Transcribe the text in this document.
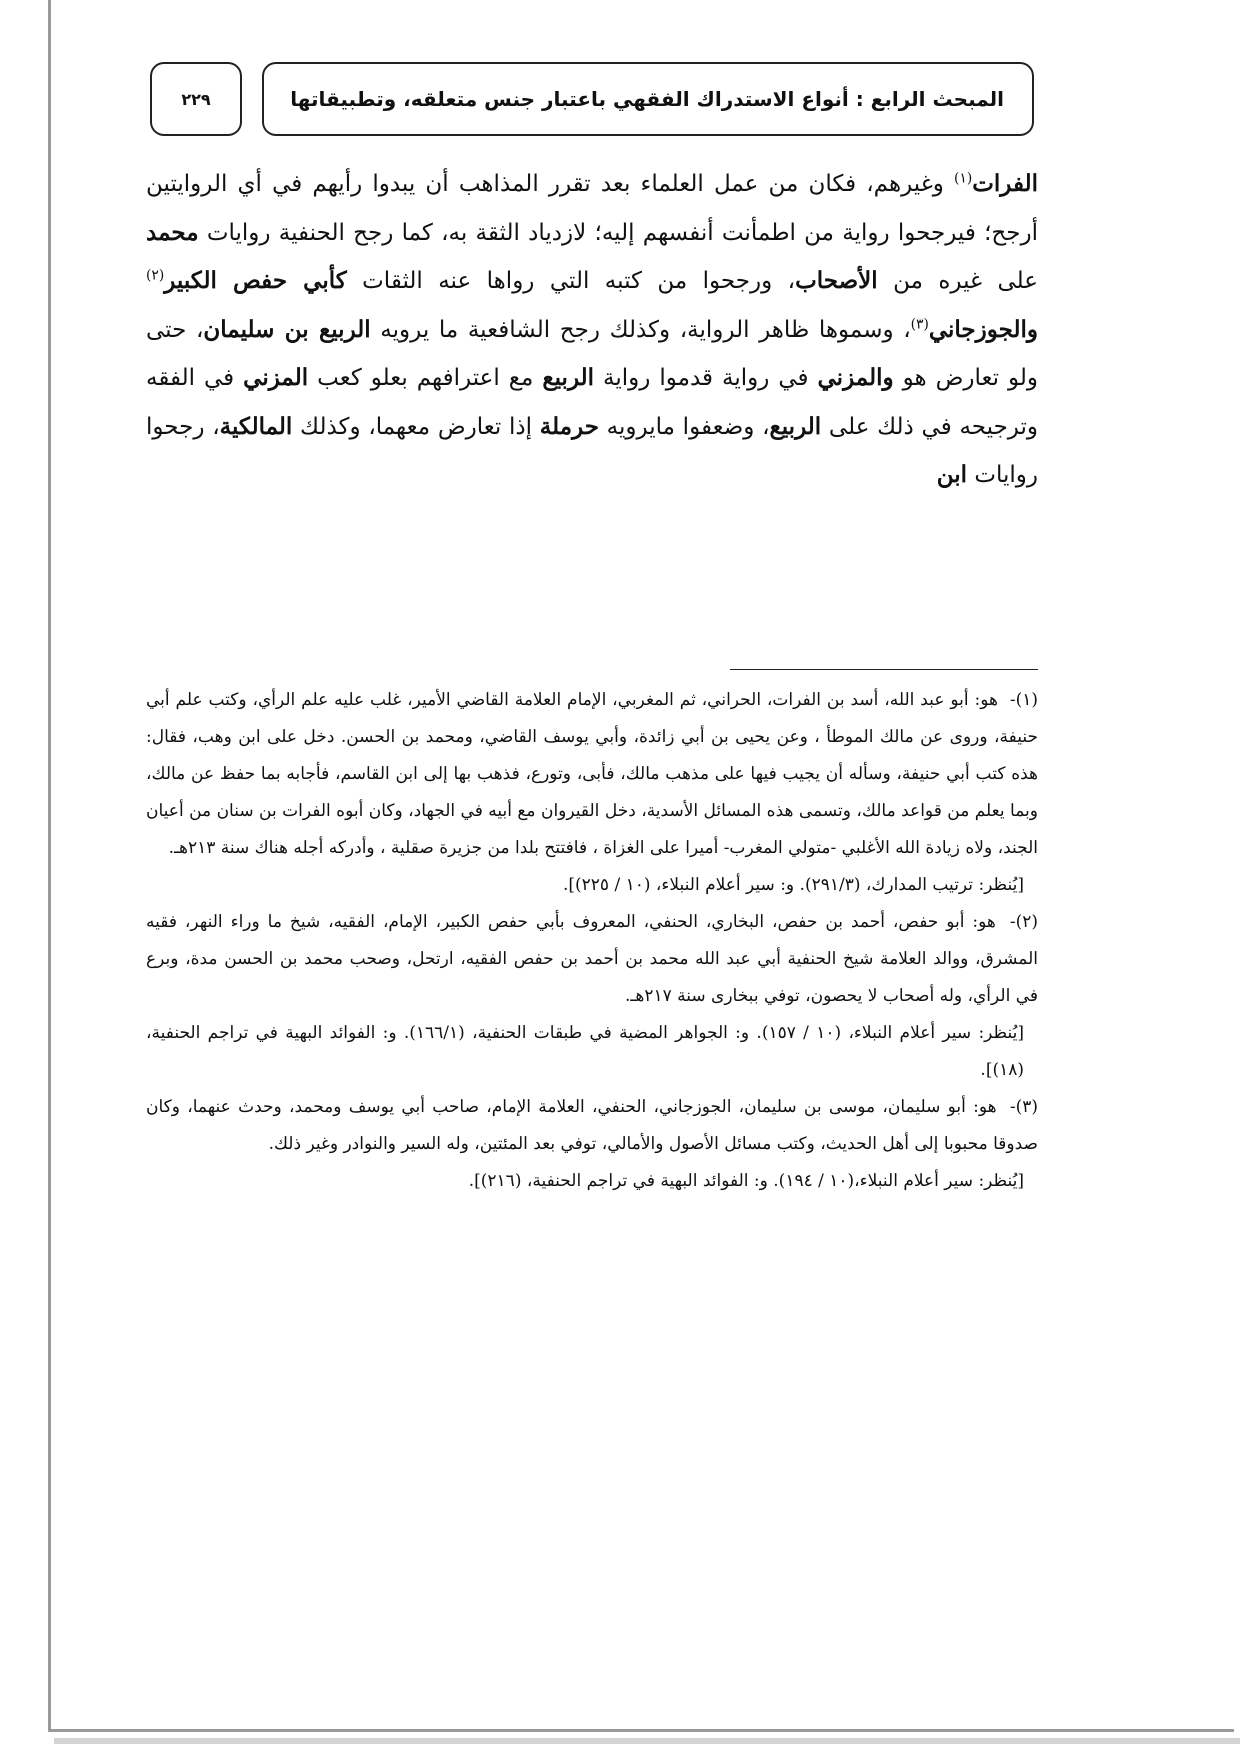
المبحث الرابع : أنواع الاستدراك الفقهي باعتبار جنس متعلقه، وتطبيقاتها
٢٢٩
الفرات$^{(١)}$ وغيرهم، فكان من عمل العلماء بعد تقرر المذاهب أن يبدوا رأيهم في أي الروايتين أرجح؛ فيرجحوا رواية من اطمأنت أنفسهم إليه؛ لازدياد الثقة به، كما رجح الحنفية روايات محمد على غيره من الأصحاب، ورجحوا من كتبه التي رواها عنه الثقات كأبي حفص الكبير$^{(٢)}$ والجوزجاني$^{(٣)}$، وسموها ظاهر الرواية، وكذلك رجح الشافعية ما يرويه الربيع بن سليمان، حتى ولو تعارض هو والمزني في رواية قدموا رواية الربيع مع اعترافهم بعلو كعب المزني في الفقه وترجيحه في ذلك على الربيع، وضعفوا مايرويه حرملة إذا تعارض معهما، وكذلك المالكية، رجحوا روايات ابن

(١)- هو: أبو عبد الله، أسد بن الفرات، الحراني، ثم المغربي، الإمام العلامة القاضي الأمير، غلب عليه علم الرأي، وكتب علم أبي حنيفة، وروى عن مالك الموطأ ، وعن يحيى بن أبي زائدة، وأبي يوسف القاضي، ومحمد بن الحسن. دخل على ابن وهب، فقال: هذه كتب أبي حنيفة، وسأله أن يجيب فيها على مذهب مالك، فأبى، وتورع، فذهب بها إلى ابن القاسم، فأجابه بما حفظ عن مالك، وبما يعلم من قواعد مالك، وتسمى هذه المسائل الأسدية، دخل القيروان مع أبيه في الجهاد، وكان أبوه الفرات بن سنان من أعيان الجند، ولاه زيادة الله الأغلبي -متولي المغرب- أميرا على الغزاة ، فافتتح بلدا من جزيرة صقلية ، وأدركه أجله هناك سنة ٢١٣هـ.
[يُنظر: ترتيب المدارك، (٢٩١/٣). و: سير أعلام النبلاء، (١٠ / ٢٢٥)].

(٢)- هو: أبو حفص، أحمد بن حفص، البخاري، الحنفي، المعروف بأبي حفص الكبير، الإمام، الفقيه، شيخ ما وراء النهر، فقيه المشرق، ووالد العلامة شيخ الحنفية أبي عبد الله محمد بن أحمد بن حفص الفقيه، ارتحل، وصحب محمد بن الحسن مدة، وبرع في الرأي، وله أصحاب لا يحصون، توفي ببخارى سنة ٢١٧هـ.
[يُنظر: سير أعلام النبلاء، (١٠ / ١٥٧). و: الجواهر المضية في طبقات الحنفية، (١٦٦/١). و: الفوائد البهية في تراجم الحنفية، (١٨)].

(٣)- هو: أبو سليمان، موسى بن سليمان، الجوزجاني، الحنفي، العلامة الإمام، صاحب أبي يوسف ومحمد، وحدث عنهما، وكان صدوقا محبوبا إلى أهل الحديث، وكتب مسائل الأصول والأمالي، توفي بعد المئتين، وله السير والنوادر وغير ذلك.
[يُنظر: سير أعلام النبلاء،(١٠ / ١٩٤). و: الفوائد البهية في تراجم الحنفية، (٢١٦)].
